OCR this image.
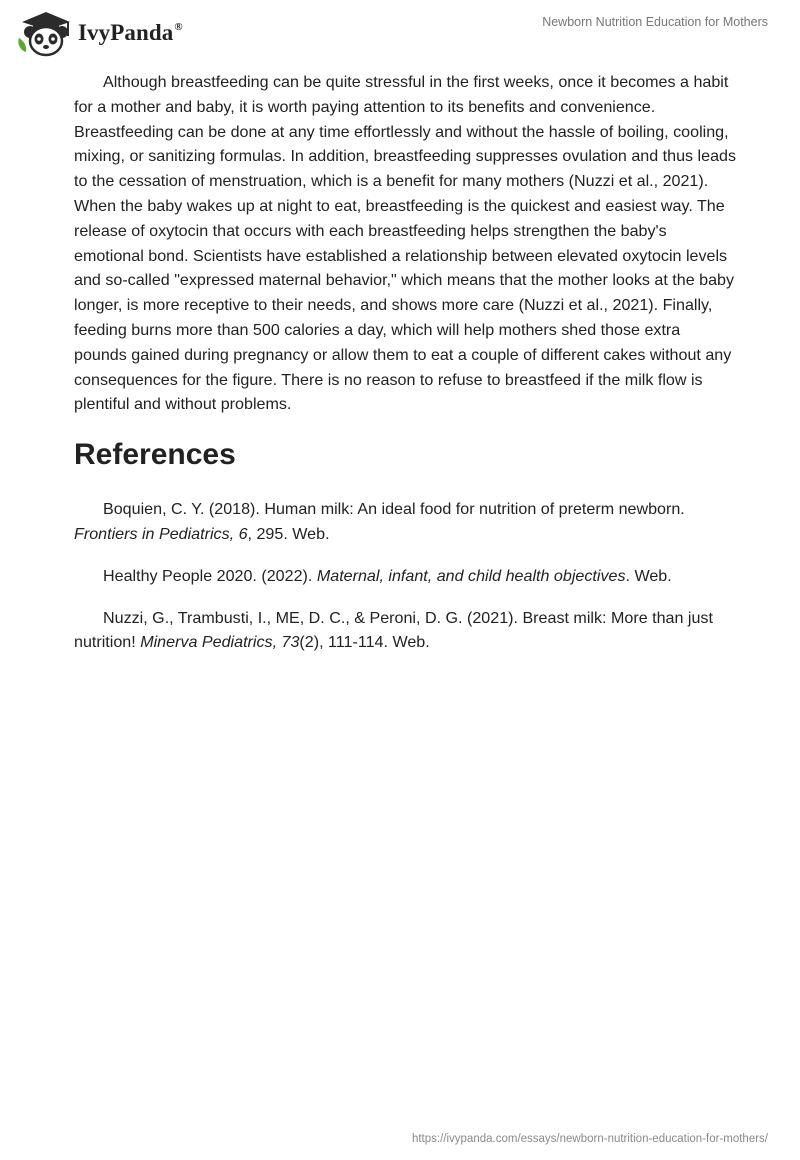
IvyPanda®	Newborn Nutrition Education for Mothers

Although breastfeeding can be quite stressful in the first weeks, once it becomes a habit for a mother and baby, it is worth paying attention to its benefits and convenience. Breastfeeding can be done at any time effortlessly and without the hassle of boiling, cooling, mixing, or sanitizing formulas. In addition, breastfeeding suppresses ovulation and thus leads to the cessation of menstruation, which is a benefit for many mothers (Nuzzi et al., 2021). When the baby wakes up at night to eat, breastfeeding is the quickest and easiest way. The release of oxytocin that occurs with each breastfeeding helps strengthen the baby's emotional bond. Scientists have established a relationship between elevated oxytocin levels and so-called "expressed maternal behavior," which means that the mother looks at the baby longer, is more receptive to their needs, and shows more care (Nuzzi et al., 2021). Finally, feeding burns more than 500 calories a day, which will help mothers shed those extra pounds gained during pregnancy or allow them to eat a couple of different cakes without any consequences for the figure. There is no reason to refuse to breastfeed if the milk flow is plentiful and without problems.

References

Boquien, C. Y. (2018). Human milk: An ideal food for nutrition of preterm newborn. Frontiers in Pediatrics, 6, 295. Web.

Healthy People 2020. (2022). Maternal, infant, and child health objectives. Web.

Nuzzi, G., Trambusti, I., ME, D. C., & Peroni, D. G. (2021). Breast milk: More than just nutrition! Minerva Pediatrics, 73(2), 111-114. Web.

https://ivypanda.com/essays/newborn-nutrition-education-for-mothers/
